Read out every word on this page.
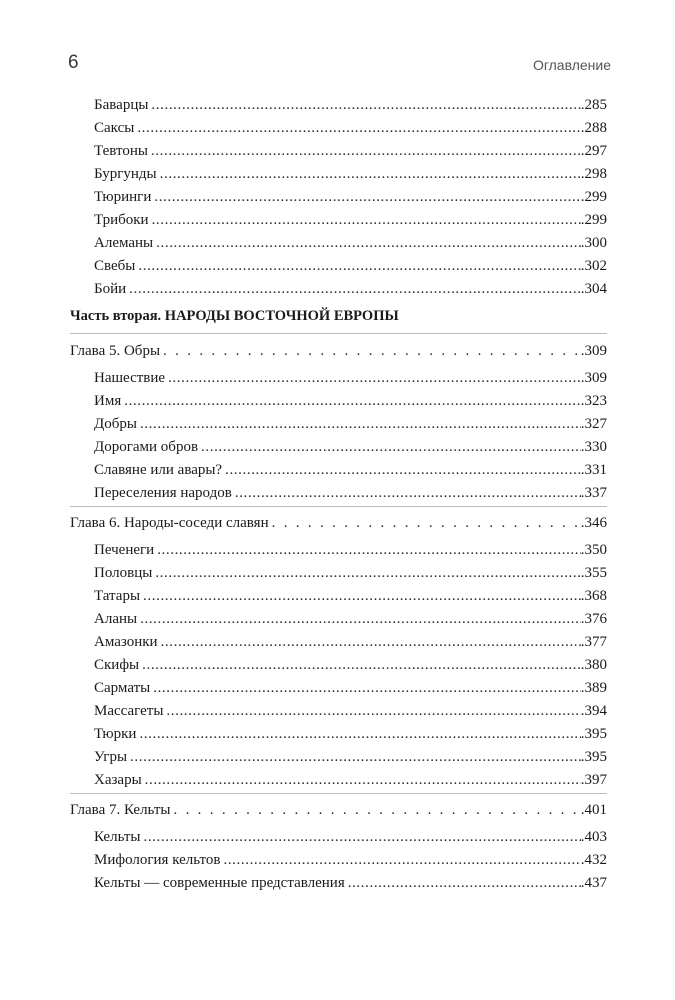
6	Оглавление
Баварцы .....	.285
Саксы .....	.288
Тевтоны .....	.297
Бургунды .....	.298
Тюринги .....	.299
Трибоки .....	.299
Алеманы .....	.300
Свебы .....	.302
Бойи .....	.304
Часть вторая. НАРОДЫ ВОСТОЧНОЙ ЕВРОПЫ
Глава 5. Обры . . .	.309
Нашествие .....	.309
Имя .....	.323
Добры .....	.327
Дорогами обров .....	.330
Славяне или авары? .....	.331
Переселения народов .....	.337
Глава 6. Народы-соседи славян . . .	.346
Печенеги .....	.350
Половцы .....	.355
Татары .....	.368
Аланы .....	.376
Амазонки .....	.377
Скифы .....	.380
Сарматы .....	.389
Массагеты .....	.394
Тюрки .....	.395
Угры .....	.395
Хазары .....	.397
Глава 7. Кельты . . .	.401
Кельты .....	.403
Мифология кельтов .....	.432
Кельты — современные представления .....	.437
